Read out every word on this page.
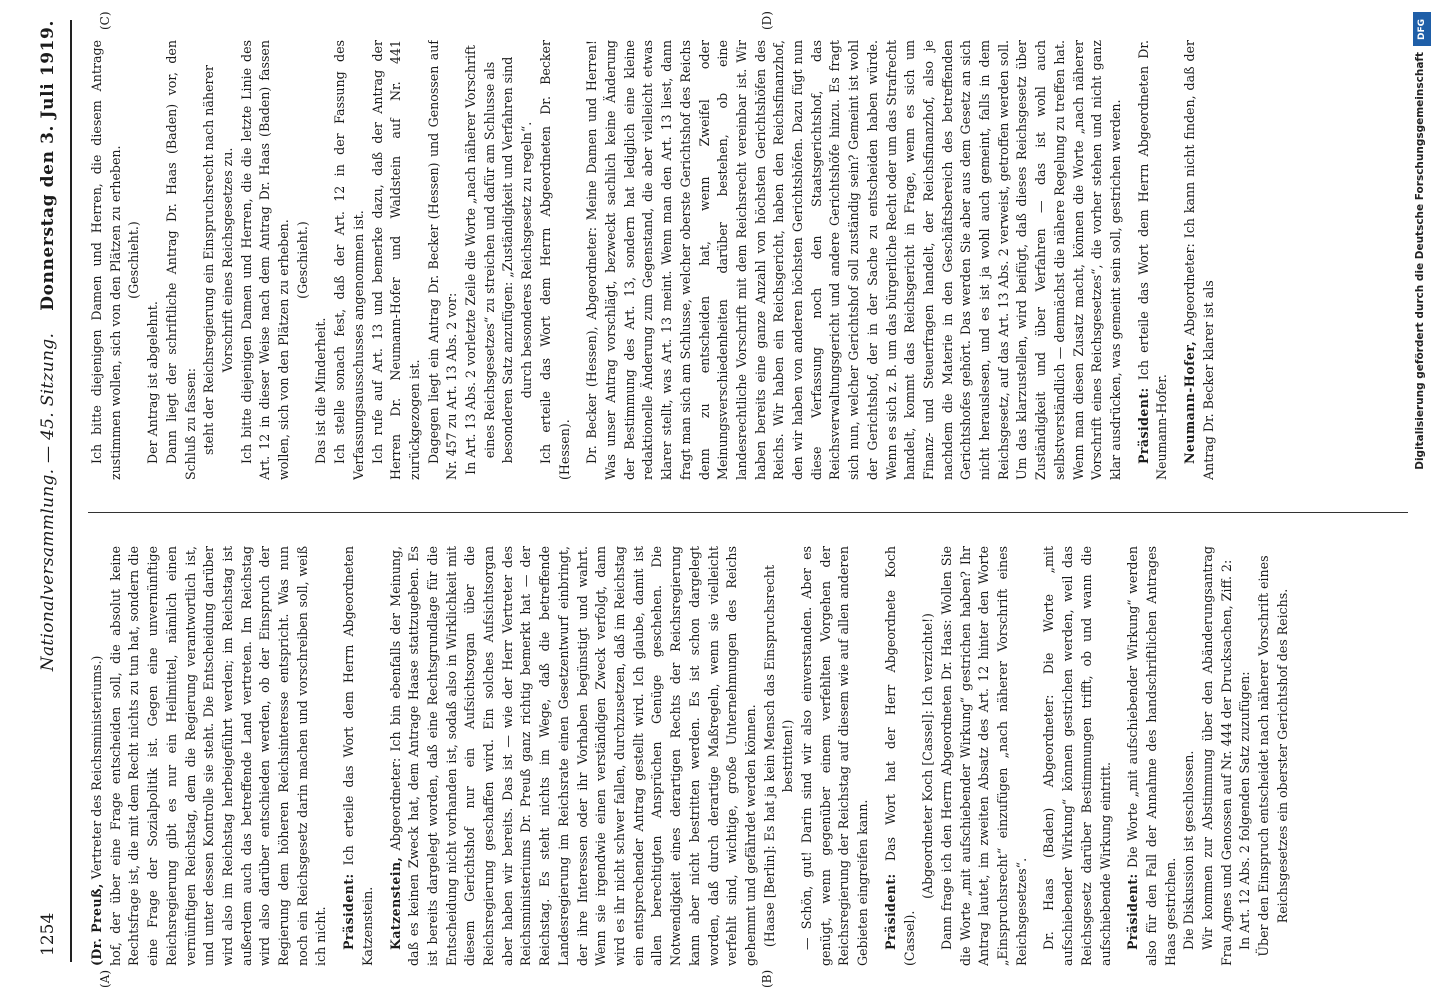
1254
Nationalversammlung. — 45. Sitzung.
Donnerstag den 3. Juli 1919.
(A)	(B)
(C)	(D)

(Dr. Preuß, Vertreter des Reichsministeriums.) hof, der über eine Frage entscheiden soll, die absolut keine Rechtsfrage ist, die mit dem Recht nichts zu tun hat, sondern die eine Frage der Sozialpolitik ist. Gegen eine unvernünftige Reichsregierung gibt es nur ein Heilmittel, nämlich einen vernünftigen Reichstag, dem die Regierung verantwortlich ist, und unter dessen Kontrolle sie steht. Die Entscheidung darüber wird also im Reichstag herbeigeführt werden; im Reichstag ist außerdem auch das betreffende Land vertreten. Im Reichstag wird also darüber entschieden werden, ob der Einspruch der Regierung dem höheren Reichsinteresse entspricht. Was nun noch ein Reichsgesetz darin machen und vorschreiben soll, weiß ich nicht. Präsident: Ich erteile das Wort dem Herrn Abgeordneten Katzenstein. Katzenstein, Abgeordneter: Ich bin ebenfalls der Meinung, daß es keinen Zweck hat, dem Antrage Haase stattzugeben. Es ist bereits dargelegt worden, daß eine Rechtsgrundlage für die Entscheidung nicht vorhanden ist, sodaß also in Wirklichkeit mit diesem Gerichtshof nur ein Aufsichtsorgan über die Reichsregierung geschaffen wird. Ein solches Aufsichtsorgan aber haben wir bereits. Das ist — wie der Herr Vertreter des Reichsministeriums Dr. Preuß ganz richtig bemerkt hat — der Reichstag. Es steht nichts im Wege, daß die betreffende Landesregierung im Reichsrate einen Gesetzentwurf einbringt, der ihre Interessen oder ihr Vorhaben begünstigt und wahrt. Wenn sie irgendwie einen verständigen Zweck verfolgt, dann wird es ihr nicht schwer fallen, durchzusetzen, daß im Reichstag ein entsprechender Antrag gestellt wird. Ich glaube, damit ist allen berechtigten Ansprüchen Genüge geschehen. Die Notwendigkeit eines derartigen Rechts der Reichsregierung kann aber nicht bestritten werden. Es ist schon dargelegt worden, daß durch derartige Maßregeln, wenn sie vielleicht verfehlt sind, wichtige, große Unternehmungen des Reichs gehemmt und gefährdet werden können. (Haase [Berlin]: Es hat ja kein Mensch das Einspruchsrecht bestritten!) — Schön, gut! Darin sind wir also einverstanden. Aber es genügt, wenn gegenüber einem verfehlten Vorgehen der Reichsregierung der Reichstag auf diesem wie auf allen anderen Gebieten eingreifen kann. Präsident: Das Wort hat der Herr Abgeordnete Koch (Cassel).

(Abgeordneter Koch [Cassel]: Ich verzichte!) Dann frage ich den Herrn Abgeordneten Dr. Haas: Wollen Sie die Worte „mit aufschiebender Wirkung“ gestrichen haben? Ihr Antrag lautet, im zweiten Absatz des Art. 12 hinter den Worte „Einspruchsrecht“ einzufügen „nach näherer Vorschrift eines Reichsgesetzes“. Dr. Haas (Baden) Abgeordneter: Die Worte „mit aufschiebender Wirkung“ können gestrichen werden, weil das Reichsgesetz darüber Bestimmungen trifft, ob und wann die aufschiebende Wirkung eintritt. Präsident: Die Worte „mit aufschiebender Wirkung“ werden also für den Fall der Annahme des handschriftlichen Antrages Haas gestrichen. Die Diskussion ist geschlossen. Wir kommen zur Abstimmung über den Abänderungsantrag Frau Agnes und Genossen auf Nr. 444 der Drucksachen, Ziff. 2: In Art. 12 Abs. 2 folgenden Satz zuzufügen: Über den Einspruch entscheidet nach näherer Vorschrift eines Reichsgesetzes ein oberster Gerichtshof des Reichs.

Ich bitte diejenigen Damen und Herren, die diesem Antrage zustimmen wollen, sich von den Plätzen zu erheben. (Geschieht.)

Der Antrag ist abgelehnt. Dann liegt der schriftliche Antrag Dr. Haas (Baden) vor, den Schluß zu fassen: steht der Reichsregierung ein Einspruchsrecht nach näherer Vorschrift eines Reichsgesetzes zu. Ich bitte diejenigen Damen und Herren, die die letzte Linie des Art. 12 in dieser Weise nach dem Antrag Dr. Haas (Baden) fassen wollen, sich von den Plätzen zu erheben. (Geschieht.)

Das ist die Minderheit. Ich stelle sonach fest, daß der Art. 12 in der Fassung des Verfassungsausschusses angenommen ist. Ich rufe auf Art. 13 und bemerke dazu, daß der Antrag der Herren Dr. Neumann-Hofer und Waldstein auf Nr. 441 zurückgezogen ist. Dagegen liegt ein Antrag Dr. Becker (Hessen) und Genossen auf Nr. 457 zu Art. 13 Abs. 2 vor: In Art. 13 Abs. 2 vorletzte Zeile die Worte „nach näherer Vorschrift eines Reichsgesetzes“ zu streichen und dafür am Schlusse als besonderen Satz anzufügen: „Zuständigkeit und Verfahren sind durch besonderes Reichsgesetz zu regeln“. Ich erteile das Wort dem Herrn Abgeordneten Dr. Becker (Hessen). Dr. Becker (Hessen), Abgeordneter: Meine Damen und Herren! Was unser Antrag vorschlägt, bezweckt sachlich keine Änderung der Bestimmung des Art. 13, sondern hat lediglich eine kleine redaktionelle Änderung zum Gegenstand, die aber vielleicht etwas klarer stellt, was Art. 13 meint. Wenn man den Art. 13 liest, dann fragt man sich am Schlusse, welcher oberste Gerichtshof des Reichs denn zu entscheiden hat, wenn Zweifel oder Meinungsverschiedenheiten darüber bestehen, ob eine landesrechtliche Vorschrift mit dem Reichsrecht vereinbar ist. Wir haben bereits eine ganze Anzahl von höchsten Gerichtshöfen des Reichs. Wir haben ein Reichsgericht, haben den Reichsfinanzhof, den wir haben von anderen höchsten Gerichtshöfen. Dazu fügt nun diese Verfassung noch den Staatsgerichtshof, das Reichsverwaltungsgericht und andere Gerichtshöfe hinzu. Es fragt sich nun, welcher Gerichtshof soll zuständig sein? Gemeint ist wohl der Gerichtshof, der in der Sache zu entscheiden haben würde. Wenn es sich z. B. um das bürgerliche Recht oder um das Strafrecht handelt, kommt das Reichsgericht in Frage, wenn es sich um Finanz- und Steuerfragen handelt, der Reichsfinanzhof, also je nachdem die Materie in den Geschäftsbereich des betreffenden Gerichtshofes gehört. Das werden Sie aber aus dem Gesetz an sich nicht herauslesen, und es ist ja wohl auch gemeint, falls in dem Reichsgesetz, auf das Art. 13 Abs. 2 verweist, getroffen werden soll. Um das klarzustellen, wird beifügt, daß dieses Reichsgesetz über Zuständigkeit und über Verfahren — das ist wohl auch selbstverständlich — demnächst die nähere Regelung zu treffen hat. Wenn man diesen Zusatz macht, können die Worte „nach näherer Vorschrift eines Reichsgesetzes“, die vorher stehen und nicht ganz klar ausdrücken, was gemeint sein soll, gestrichen werden. Präsident: Ich erteile das Wort dem Herrn Abgeordneten Dr. Neumann-Hofer. Neumann-Hofer, Abgeordneter: Ich kann nicht finden, daß der Antrag Dr. Becker klarer ist als

DFG
Digitalisierung gefördert durch die Deutsche Forschungsgemeinschaft
